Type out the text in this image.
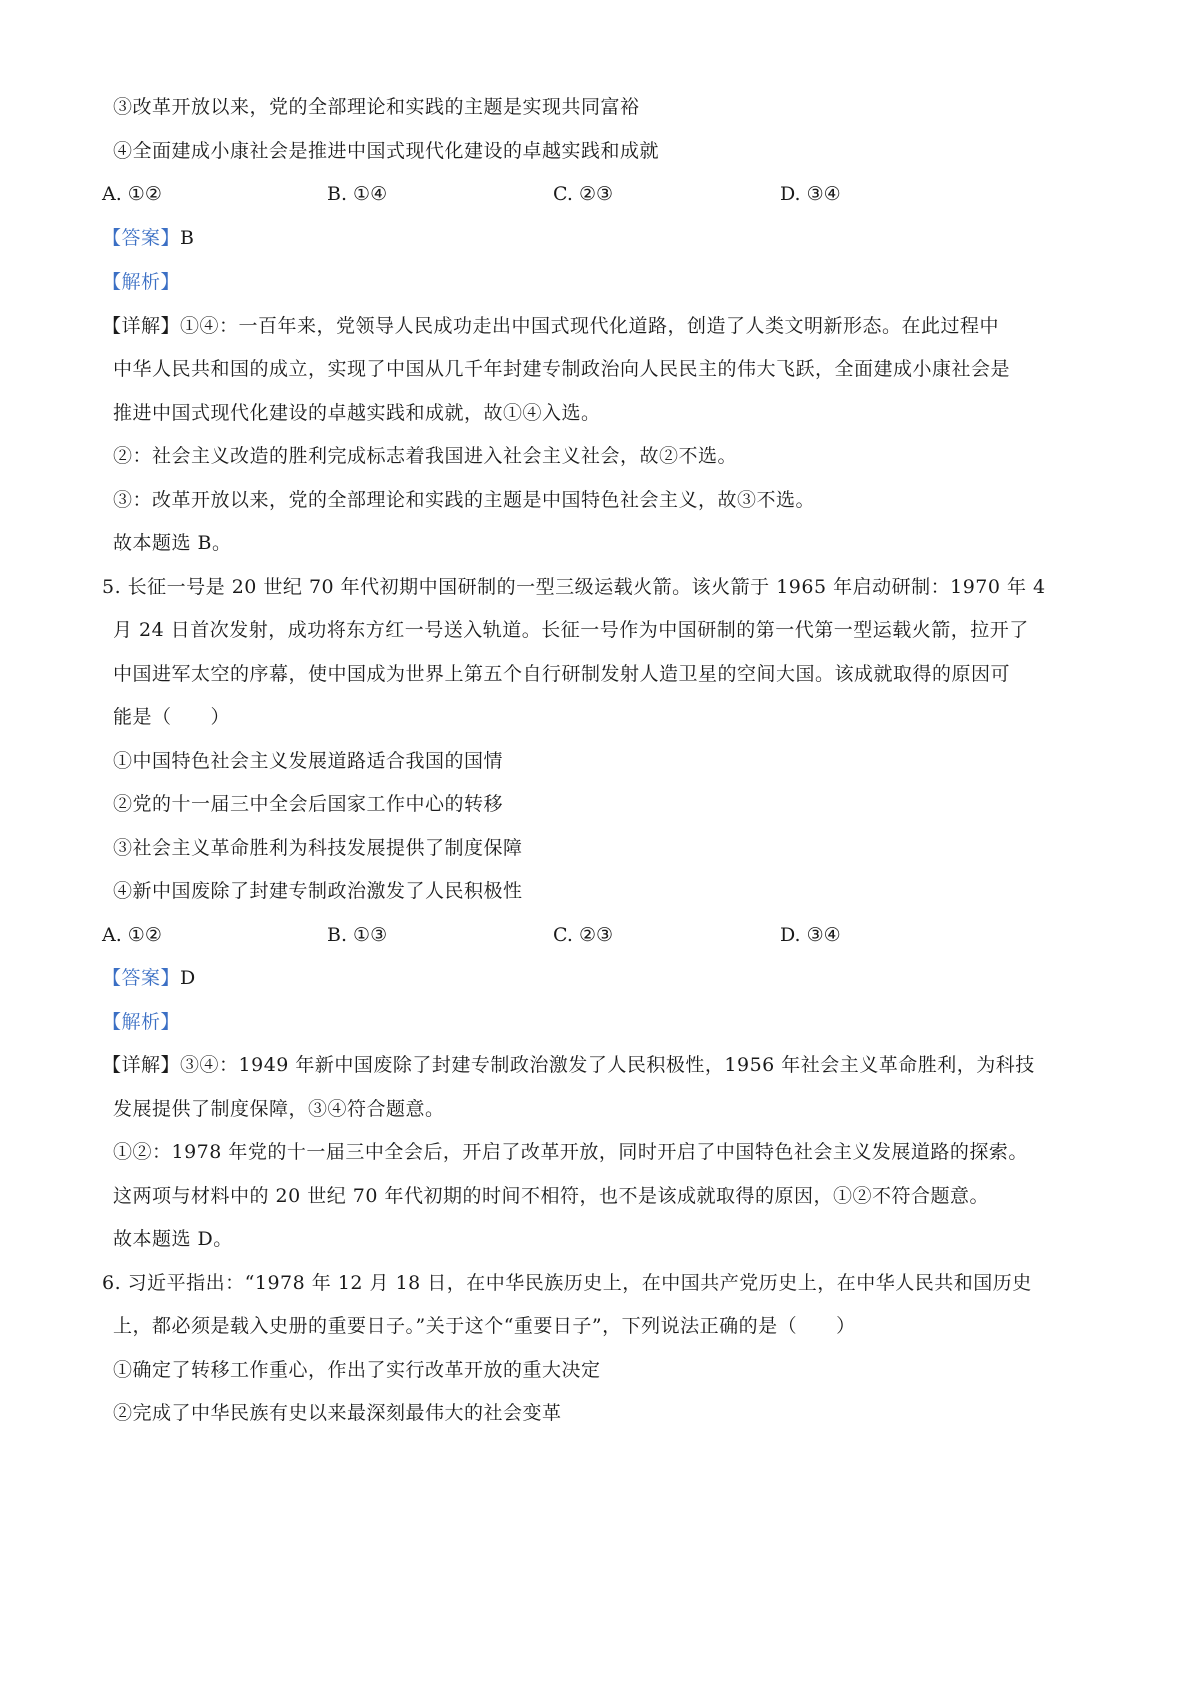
③改革开放以来，党的全部理论和实践的主题是实现共同富裕
④全面建成小康社会是推进中国式现代化建设的卓越实践和成就
A. ①②	B. ①④	C. ②③	D. ③④
【答案】B
【解析】
【详解】①④：一百年来，党领导人民成功走出中国式现代化道路，创造了人类文明新形态。在此过程中
中华人民共和国的成立，实现了中国从几千年封建专制政治向人民民主的伟大飞跃，全面建成小康社会是
推进中国式现代化建设的卓越实践和成就，故①④入选。
②：社会主义改造的胜利完成标志着我国进入社会主义社会，故②不选。
③：改革开放以来，党的全部理论和实践的主题是中国特色社会主义，故③不选。
故本题选 B。
5. 长征一号是 20 世纪 70 年代初期中国研制的一型三级运载火箭。该火箭于 1965 年启动研制：1970 年 4
月 24 日首次发射，成功将东方红一号送入轨道。长征一号作为中国研制的第一代第一型运载火箭，拉开了
中国进军太空的序幕，使中国成为世界上第五个自行研制发射人造卫星的空间大国。该成就取得的原因可
能是（　　）
①中国特色社会主义发展道路适合我国的国情
②党的十一届三中全会后国家工作中心的转移
③社会主义革命胜利为科技发展提供了制度保障
④新中国废除了封建专制政治激发了人民积极性
A. ①②	B. ①③	C. ②③	D. ③④
【答案】D
【解析】
【详解】③④：1949 年新中国废除了封建专制政治激发了人民积极性，1956 年社会主义革命胜利，为科技
发展提供了制度保障，③④符合题意。
①②：1978 年党的十一届三中全会后，开启了改革开放，同时开启了中国特色社会主义发展道路的探索。
这两项与材料中的 20 世纪 70 年代初期的时间不相符，也不是该成就取得的原因，①②不符合题意。
故本题选 D。
6. 习近平指出：“1978 年 12 月 18 日，在中华民族历史上，在中国共产党历史上，在中华人民共和国历史
上，都必须是载入史册的重要日子。”关于这个“重要日子”，下列说法正确的是（　　）
①确定了转移工作重心，作出了实行改革开放的重大决定
②完成了中华民族有史以来最深刻最伟大的社会变革
